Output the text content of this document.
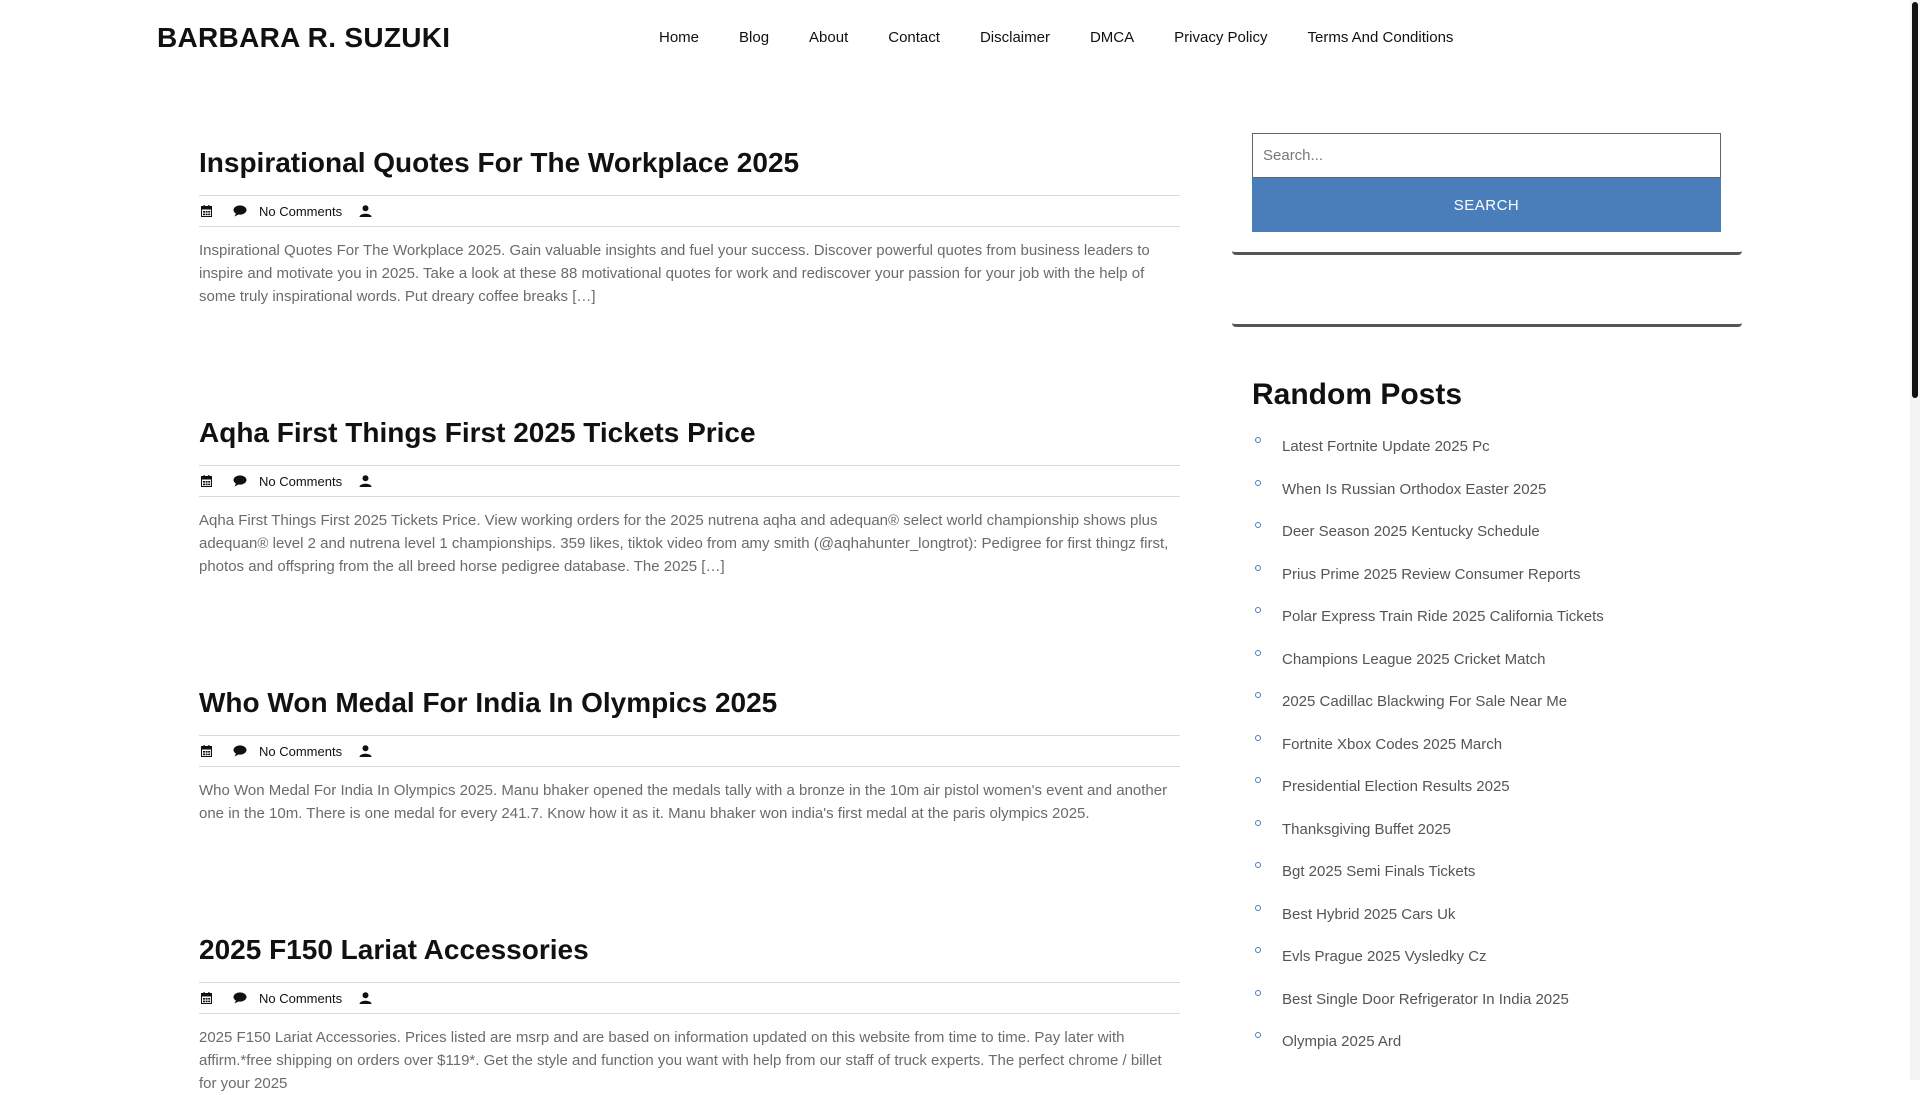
BARBARA R. SUZUKI	Home	Blog	About	Contact	Disclaimer	DMCA	Privacy Policy	Terms And Conditions
Inspirational Quotes For The Workplace 2025
No Comments

Inspirational Quotes For The Workplace 2025. Gain valuable insights and fuel your success. Discover powerful quotes from business leaders to inspire and motivate you in 2025. Take a look at these 88 motivational quotes for work and rediscover your passion for your job with the help of some truly inspirational words. Put dreary coffee breaks […]

Aqha First Things First 2025 Tickets Price
No Comments

Aqha First Things First 2025 Tickets Price. View working orders for the 2025 nutrena aqha and adequan® select world championship shows plus adequan® level 2 and nutrena level 1 championships. 359 likes, tiktok video from amy smith (@aqhahunter_longtrot): Pedigree for first thingz first, photos and offspring from the all breed horse pedigree database. The 2025 […]

Who Won Medal For India In Olympics 2025
No Comments

Who Won Medal For India In Olympics 2025. Manu bhaker opened the medals tally with a bronze in the 10m air pistol women's event and another one in the 10m. There is one medal for every 241.7. Know how it as it. Manu bhaker won india's first medal at the paris olympics 2025.

2025 F150 Lariat Accessories
No Comments

2025 F150 Lariat Accessories. Prices listed are msrp and are based on information updated on this website from time to time. Pay later with affirm.*free shipping on orders over $119*. Get the style and function you want with help from our staff of truck experts. The perfect chrome / billet for your 2025

Search...
SEARCH
Random Posts
Latest Fortnite Update 2025 Pc
When Is Russian Orthodox Easter 2025
Deer Season 2025 Kentucky Schedule
Prius Prime 2025 Review Consumer Reports
Polar Express Train Ride 2025 California Tickets
Champions League 2025 Cricket Match
2025 Cadillac Blackwing For Sale Near Me
Fortnite Xbox Codes 2025 March
Presidential Election Results 2025
Thanksgiving Buffet 2025
Bgt 2025 Semi Finals Tickets
Best Hybrid 2025 Cars Uk
Evls Prague 2025 Vysledky Cz
Best Single Door Refrigerator In India 2025
Olympia 2025 Ard
